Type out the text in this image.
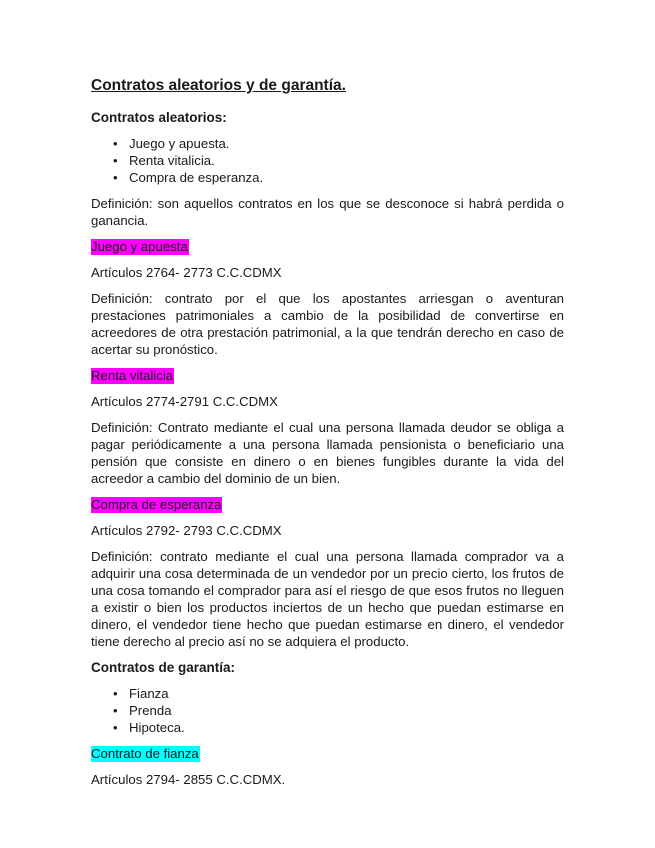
Contratos aleatorios y de garantía.
Contratos aleatorios:
• Juego y apuesta.
• Renta vitalicia.
• Compra de esperanza.

Definición: son aquellos contratos en los que se desconoce si habrá perdida o ganancia.

Juego y apuesta

Artículos 2764- 2773 C.C.CDMX

Definición: contrato por el que los apostantes arriesgan o aventuran prestaciones patrimoniales a cambio de la posibilidad de convertirse en acreedores de otra prestación patrimonial, a la que tendrán derecho en caso de acertar su pronóstico.

Renta vitalicia

Artículos 2774-2791 C.C.CDMX

Definición: Contrato mediante el cual una persona llamada deudor se obliga a pagar periódicamente a una persona llamada pensionista o beneficiario una pensión que consiste en dinero o en bienes fungibles durante la vida del acreedor a cambio del dominio de un bien.

Compra de esperanza

Artículos 2792- 2793 C.C.CDMX

Definición: contrato mediante el cual una persona llamada comprador va a adquirir una cosa determinada de un vendedor por un precio cierto, los frutos de una cosa tomando el comprador para así el riesgo de que esos frutos no lleguen a existir o bien los productos inciertos de un hecho que puedan estimarse en dinero, el vendedor tiene hecho que puedan estimarse en dinero, el vendedor tiene derecho al precio así no se adquiera el producto.

Contratos de garantía:
• Fianza
• Prenda
• Hipoteca.
Contrato de fianza

Artículos 2794- 2855 C.C.CDMX.
